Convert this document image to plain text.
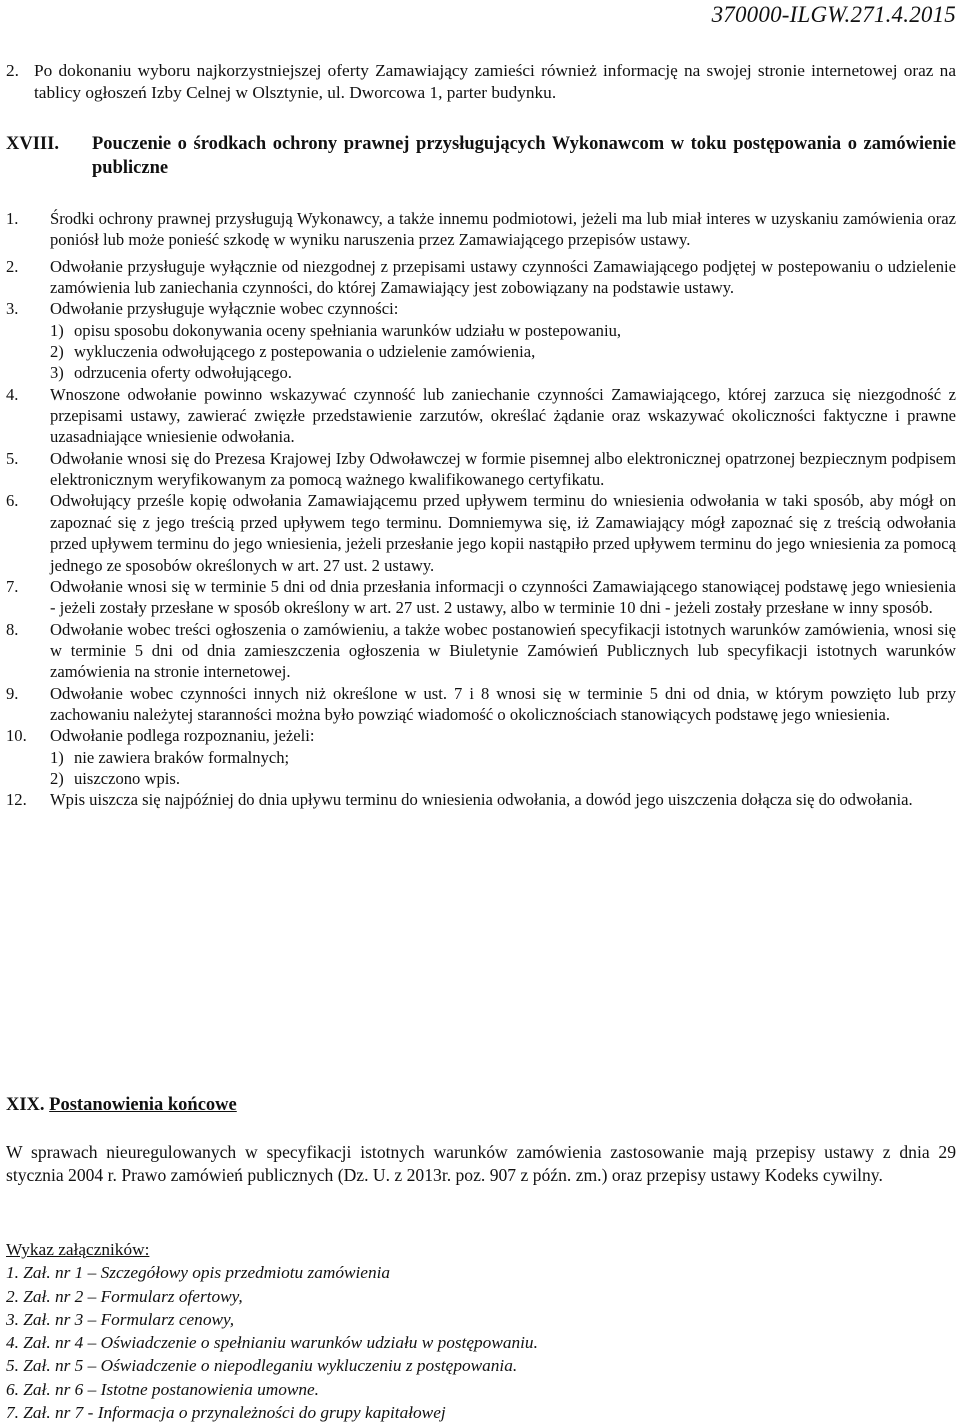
370000-ILGW.271.4.2015
2. Po dokonaniu wyboru najkorzystniejszej oferty Zamawiający zamieści również informację na swojej stronie internetowej oraz na tablicy ogłoszeń Izby Celnej w Olsztynie, ul. Dworcowa 1, parter budynku.
XVIII.	Pouczenie o środkach ochrony prawnej przysługujących Wykonawcom w toku postępowania o zamówienie publiczne
1.	Środki ochrony prawnej przysługują Wykonawcy, a także innemu podmiotowi, jeżeli ma lub miał interes w uzyskaniu zamówienia oraz poniósł lub może ponieść szkodę w wyniku naruszenia przez Zamawiającego przepisów ustawy.
2.	Odwołanie przysługuje wyłącznie od niezgodnej z przepisami ustawy czynności Zamawiającego podjętej w postepowaniu o udzielenie zamówienia lub zaniechania czynności, do której Zamawiający jest zobowiązany na podstawie ustawy.
3.	Odwołanie przysługuje wyłącznie wobec czynności:
1) opisu sposobu dokonywania oceny spełniania warunków udziału w postepowaniu,
2) wykluczenia odwołującego z postepowania o udzielenie zamówienia,
3) odrzucenia oferty odwołującego.
4.	Wnoszone odwołanie powinno wskazywać czynność lub zaniechanie czynności Zamawiającego, której zarzuca się niezgodność z przepisami ustawy, zawierać zwięzłe przedstawienie zarzutów, określać żądanie oraz wskazywać okoliczności faktyczne i prawne uzasadniające wniesienie odwołania.
5.	Odwołanie wnosi się do Prezesa Krajowej Izby Odwoławczej w formie pisemnej albo elektronicznej opatrzonej bezpiecznym podpisem elektronicznym weryfikowanym za pomocą ważnego kwalifikowanego certyfikatu.
6.	Odwołujący prześle kopię odwołania Zamawiającemu przed upływem terminu do wniesienia odwołania w taki sposób, aby mógł on zapoznać się z jego treścią przed upływem tego terminu. Domniemywa się, iż Zamawiający mógł zapoznać się z treścią odwołania przed upływem terminu do jego wniesienia, jeżeli przesłanie jego kopii nastąpiło przed upływem terminu do jego wniesienia za pomocą jednego ze sposobów określonych w art. 27 ust. 2 ustawy.
7.	Odwołanie wnosi się w terminie 5 dni od dnia przesłania informacji o czynności Zamawiającego stanowiącej podstawę jego wniesienia - jeżeli zostały przesłane w sposób określony w art. 27 ust. 2 ustawy, albo w terminie 10 dni - jeżeli zostały przesłane w inny sposób.
8.	Odwołanie wobec treści ogłoszenia o zamówieniu, a także wobec postanowień specyfikacji istotnych warunków zamówienia, wnosi się w terminie 5 dni od dnia zamieszczenia ogłoszenia w Biuletynie Zamówień Publicznych lub specyfikacji istotnych warunków zamówienia na stronie internetowej.
9.	Odwołanie wobec czynności innych niż określone w ust. 7 i 8 wnosi się w terminie 5 dni od dnia, w którym powzięto lub przy zachowaniu należytej staranności można było powziąć wiadomość o okolicznościach stanowiących podstawę jego wniesienia.
10.	Odwołanie podlega rozpoznaniu, jeżeli:
1) nie zawiera braków formalnych;
2) uiszczono wpis.
12.	Wpis uiszcza się najpóźniej do dnia upływu terminu do wniesienia odwołania, a dowód jego uiszczenia dołącza się do odwołania.
XIX. Postanowienia końcowe
W sprawach nieuregulowanych w specyfikacji istotnych warunków zamówienia zastosowanie mają przepisy ustawy z dnia 29 stycznia 2004 r. Prawo zamówień publicznych (Dz. U. z 2013r. poz. 907 z późn. zm.) oraz przepisy ustawy Kodeks cywilny.
Wykaz załączników:
1. Zał. nr 1 – Szczegółowy opis przedmiotu zamówienia
2. Zał. nr 2 – Formularz ofertowy,
3. Zał. nr 3 – Formularz cenowy,
4. Zał. nr 4 – Oświadczenie o spełnianiu warunków udziału w postępowaniu.
5. Zał. nr 5 – Oświadczenie o niepodleganiu wykluczeniu z postępowania.
6. Zał. nr 6 – Istotne postanowienia umowne.
7. Zał. nr 7 - Informacja o przynależności do grupy kapitałowej
